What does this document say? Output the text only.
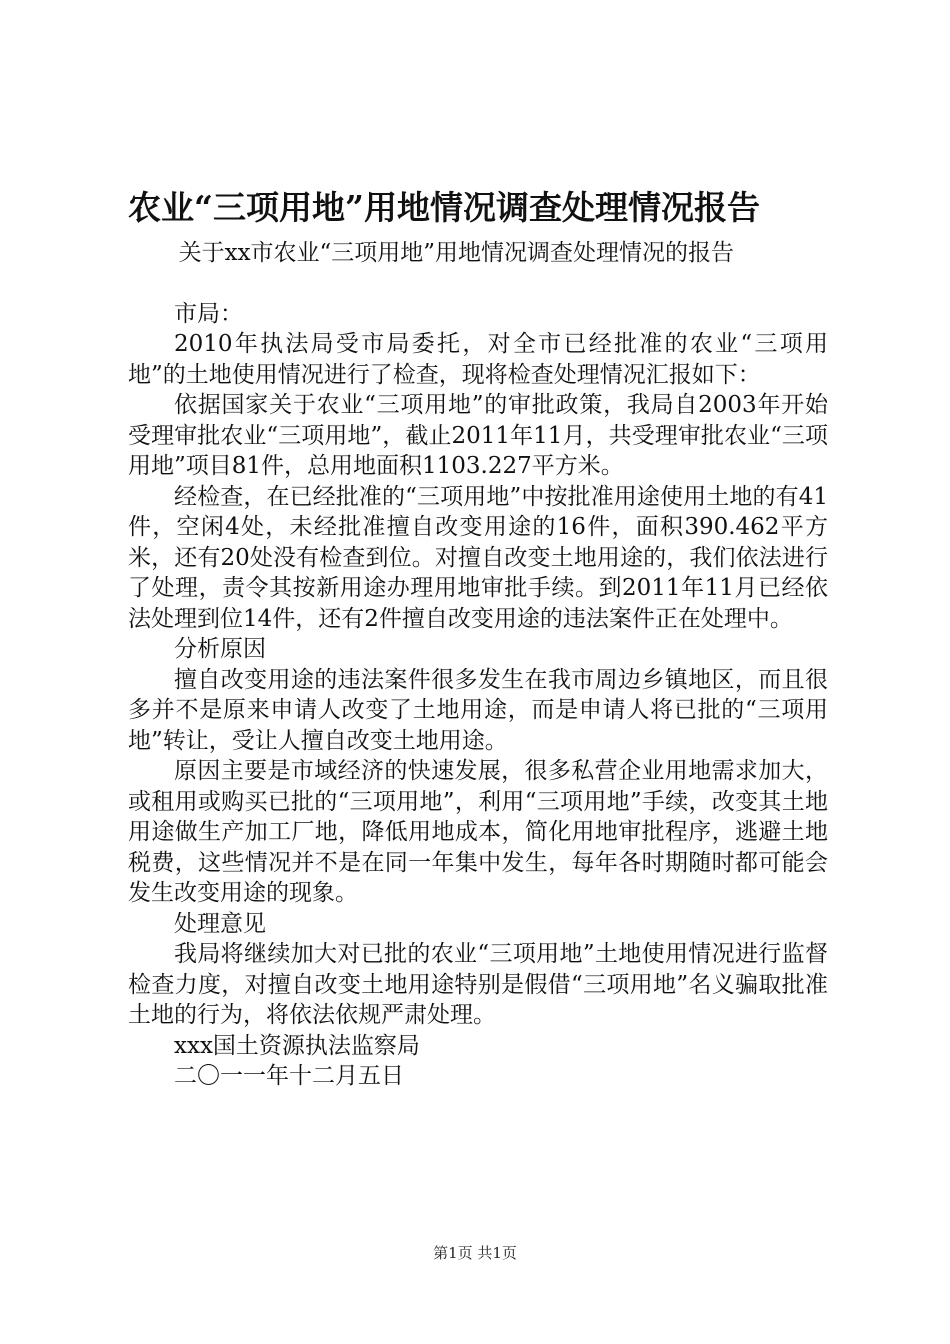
农业“三项用地”用地情况调查处理情况报告

关于xx市农业“三项用地”用地情况调查处理情况的报告

市局：

2010年执法局受市局委托，对全市已经批准的农业“三项用地”的土地使用情况进行了检查，现将检查处理情况汇报如下：

依据国家关于农业“三项用地”的审批政策，我局自2003年开始受理审批农业“三项用地”，截止2011年11月，共受理审批农业“三项用地”项目81件，总用地面积1103.227平方米。

经检查，在已经批准的“三项用地”中按批准用途使用土地的有41件，空闲4处，未经批准擅自改变用途的16件，面积390.462平方米，还有20处没有检查到位。对擅自改变土地用途的，我们依法进行了处理，责令其按新用途办理用地审批手续。到2011年11月已经依法处理到位14件，还有2件擅自改变用途的违法案件正在处理中。

分析原因

擅自改变用途的违法案件很多发生在我市周边乡镇地区，而且很多并不是原来申请人改变了土地用途，而是申请人将已批的“三项用地”转让，受让人擅自改变土地用途。

原因主要是市域经济的快速发展，很多私营企业用地需求加大，或租用或购买已批的“三项用地”，利用“三项用地”手续，改变其土地用途做生产加工厂地，降低用地成本，简化用地审批程序，逃避土地税费，这些情况并不是在同一年集中发生，每年各时期随时都可能会发生改变用途的现象。

处理意见

我局将继续加大对已批的农业“三项用地”土地使用情况进行监督检查力度，对擅自改变土地用途特别是假借“三项用地”名义骗取批准土地的行为，将依法依规严肃处理。

xxx国土资源执法监察局

二〇一一年十二月五日

第1页 共1页
